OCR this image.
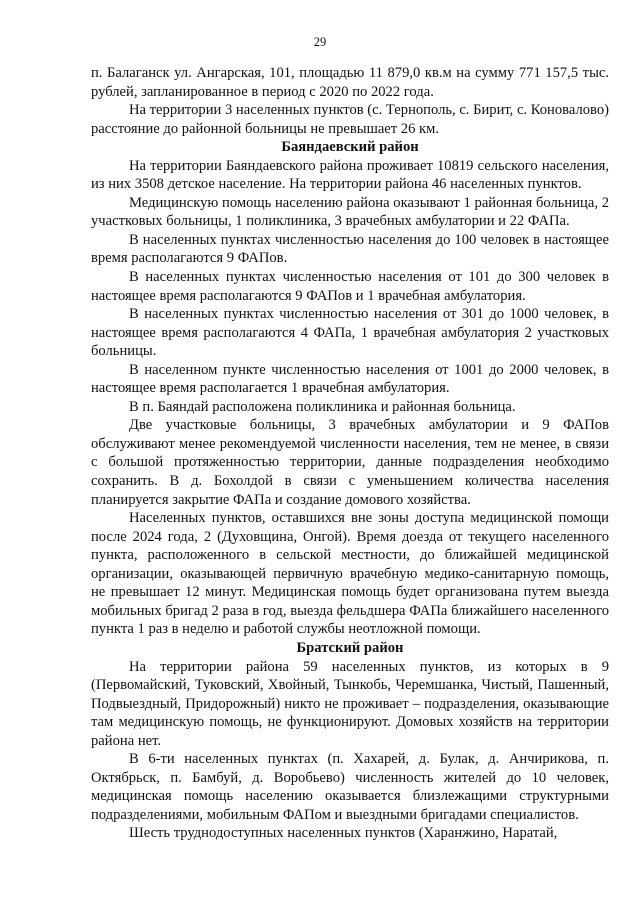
29

п. Балаганск ул. Ангарская, 101, площадью 11 879,0 кв.м на сумму 771 157,5 тыс. рублей, запланированное в период с 2020 по 2022 года.

На территории 3 населенных пунктов (с. Тернополь, с. Бирит, с. Коновалово) расстояние до районной больницы не превышает 26 км.

Баяндаевский район

На территории Баяндаевского района проживает 10819 сельского населения, из них 3508 детское население. На территории района 46 населенных пунктов.

Медицинскую помощь населению района оказывают 1 районная больница, 2 участковых больницы, 1 поликлиника, 3 врачебных амбулатории и 22 ФАПа.

В населенных пунктах численностью населения до 100 человек в настоящее время располагаются 9 ФАПов.

В населенных пунктах численностью населения от 101 до 300 человек в настоящее время располагаются 9 ФАПов и 1 врачебная амбулатория.

В населенных пунктах численностью населения от 301 до 1000 человек, в настоящее время располагаются 4 ФАПа, 1 врачебная амбулатория 2 участковых больницы.

В населенном пункте численностью населения от 1001 до 2000 человек, в настоящее время располагается 1 врачебная амбулатория.

В п. Баяндай расположена поликлиника и районная больница.

Две участковые больницы, 3 врачебных амбулатории и 9 ФАПов обслуживают менее рекомендуемой численности населения, тем не менее, в связи с большой протяженностью территории, данные подразделения необходимо сохранить. В д. Бохолдой в связи с уменьшением количества населения планируется закрытие ФАПа и создание домового хозяйства.

Населенных пунктов, оставшихся вне зоны доступа медицинской помощи после 2024 года, 2 (Духовщина, Онгой). Время доезда от текущего населенного пункта, расположенного в сельской местности, до ближайшей медицинской организации, оказывающей первичную врачебную медико-санитарную помощь, не превышает 12 минут. Медицинская помощь будет организована путем выезда мобильных бригад 2 раза в год, выезда фельдшера ФАПа ближайшего населенного пункта 1 раз в неделю и работой службы неотложной помощи.

Братский район

На территории района 59 населенных пунктов, из которых в 9 (Первомайский, Туковский, Хвойный, Тынкобь, Черемшанка, Чистый, Пашенный, Подвыездный, Придорожный) никто не проживает – подразделения, оказывающие там медицинскую помощь, не функционируют. Домовых хозяйств на территории района нет.

В 6-ти населенных пунктах (п. Хахарей, д. Булак, д. Анчирикова, п. Октябрьск, п. Бамбуй, д. Воробьево) численность жителей до 10 человек, медицинская помощь населению оказывается близлежащими структурными подразделениями, мобильным ФАПом и выездными бригадами специалистов.

Шесть труднодоступных населенных пунктов (Харанжино, Наратай,
